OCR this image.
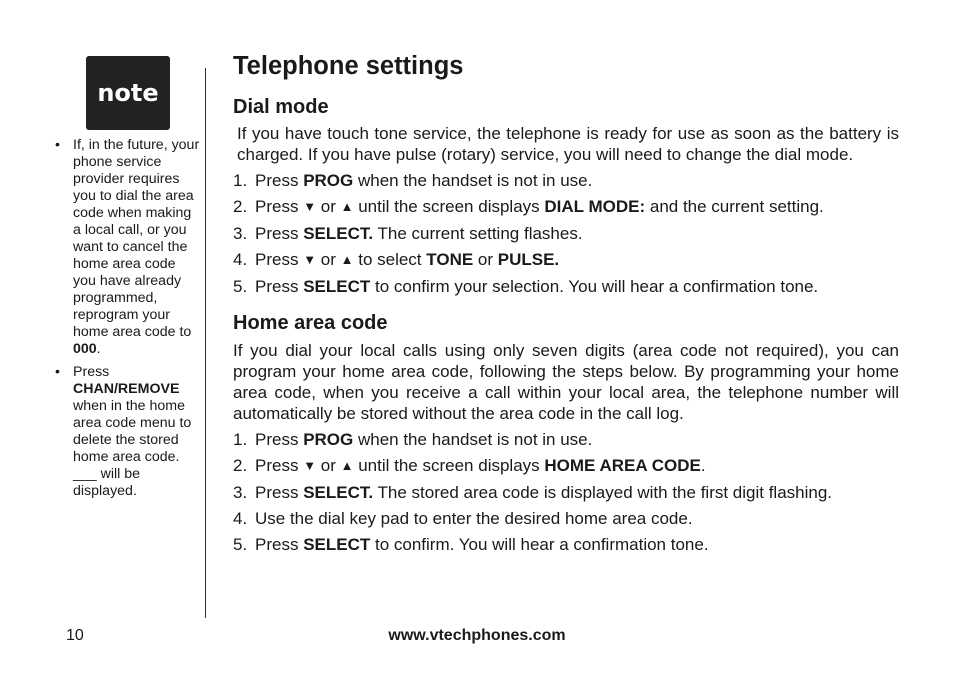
note
• If, in the future, your phone service provider requires you to dial the area code when making a local call, or you want to cancel the home area code you have already programmed, reprogram your home area code to 000.
• Press
CHAN/REMOVE
when in the home area code menu to delete the stored home area code. ___ will be displayed.
Telephone settings
Dial mode

If you have touch tone service, the telephone is ready for use as soon as the battery is charged. If you have pulse (rotary) service, you will need to change the dial mode.

1. Press PROG when the handset is not in use.
2. Press ▼ or ▲ until the screen displays DIAL MODE: and the current setting.
3. Press SELECT. The current setting flashes.
4. Press ▼ or ▲ to select TONE or PULSE.
5. Press SELECT to confirm your selection. You will hear a confirmation tone.
Home area code

If you dial your local calls using only seven digits (area code not required), you can program your home area code, following the steps below. By programming your home area code, when you receive a call within your local area, the telephone number will automatically be stored without the area code in the call log.

1. Press PROG when the handset is not in use.
2. Press ▼ or ▲ until the screen displays HOME AREA CODE.
3. Press SELECT. The stored area code is displayed with the first digit flashing.
4. Use the dial key pad to enter the desired home area code.
5. Press SELECT to confirm. You will hear a confirmation tone.
10	www.vtechphones.com
